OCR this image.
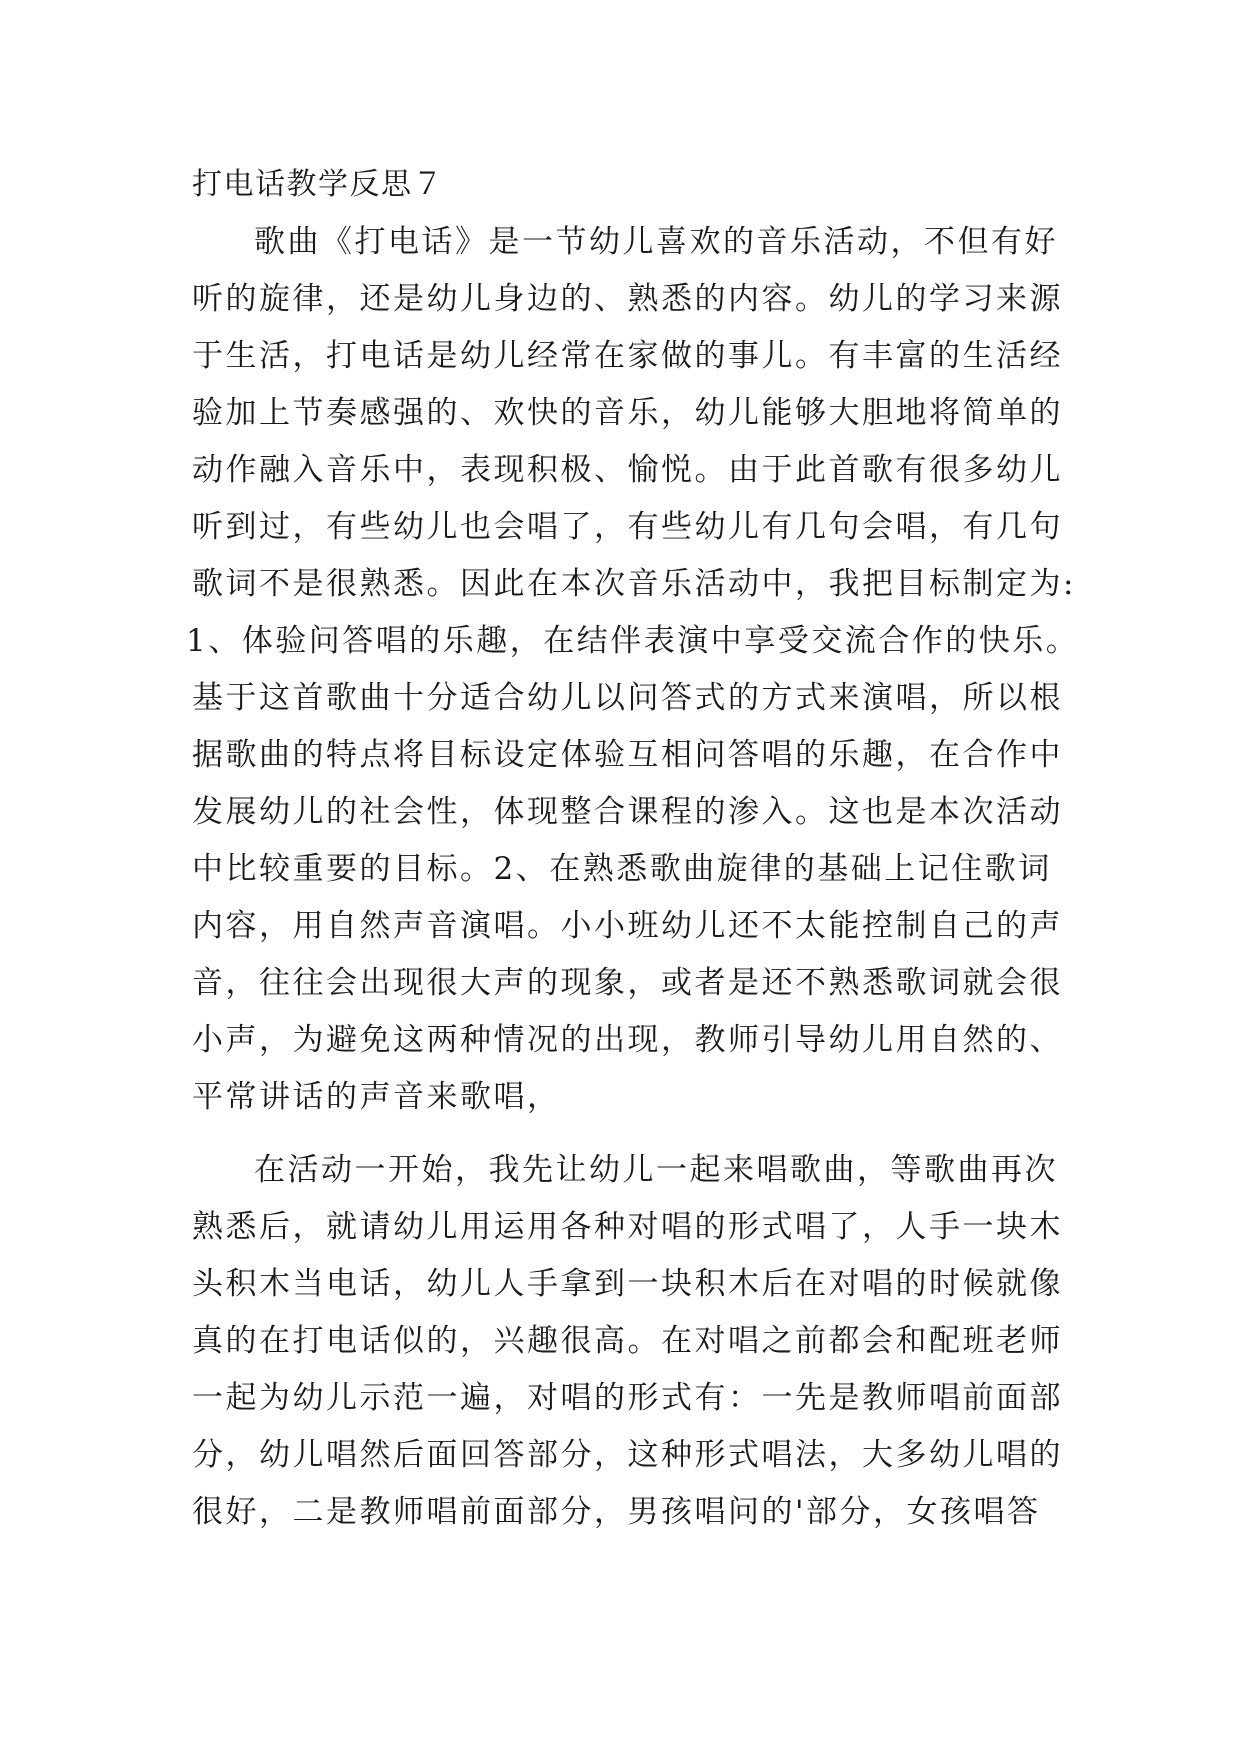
打电话教学反思７
歌曲《打电话》是一节幼儿喜欢的音乐活动，不但有好
听的旋律，还是幼儿身边的、熟悉的内容。幼儿的学习来源
于生活，打电话是幼儿经常在家做的事儿。有丰富的生活经
验加上节奏感强的、欢快的音乐，幼儿能够大胆地将简单的
动作融入音乐中，表现积极、愉悦。由于此首歌有很多幼儿
听到过，有些幼儿也会唱了，有些幼儿有几句会唱，有几句
歌词不是很熟悉。因此在本次音乐活动中，我把目标制定为:
1、体验问答唱的乐趣，在结伴表演中享受交流合作的快乐。
基于这首歌曲十分适合幼儿以问答式的方式来演唱，所以根
据歌曲的特点将目标设定体验互相问答唱的乐趣，在合作中
发展幼儿的社会性，体现整合课程的渗入。这也是本次活动
中比较重要的目标。2、在熟悉歌曲旋律的基础上记住歌词
内容，用自然声音演唱。小小班幼儿还不太能控制自己的声
音，往往会出现很大声的现象，或者是还不熟悉歌词就会很
小声，为避免这两种情况的出现，教师引导幼儿用自然的、
平常讲话的声音来歌唱，
在活动一开始，我先让幼儿一起来唱歌曲，等歌曲再次
熟悉后，就请幼儿用运用各种对唱的形式唱了，人手一块木
头积木当电话，幼儿人手拿到一块积木后在对唱的时候就像
真的在打电话似的，兴趣很高。在对唱之前都会和配班老师
一起为幼儿示范一遍，对唱的形式有：一先是教师唱前面部
分，幼儿唱然后面回答部分，这种形式唱法，大多幼儿唱的
很好，二是教师唱前面部分，男孩唱问的'部分，女孩唱答
